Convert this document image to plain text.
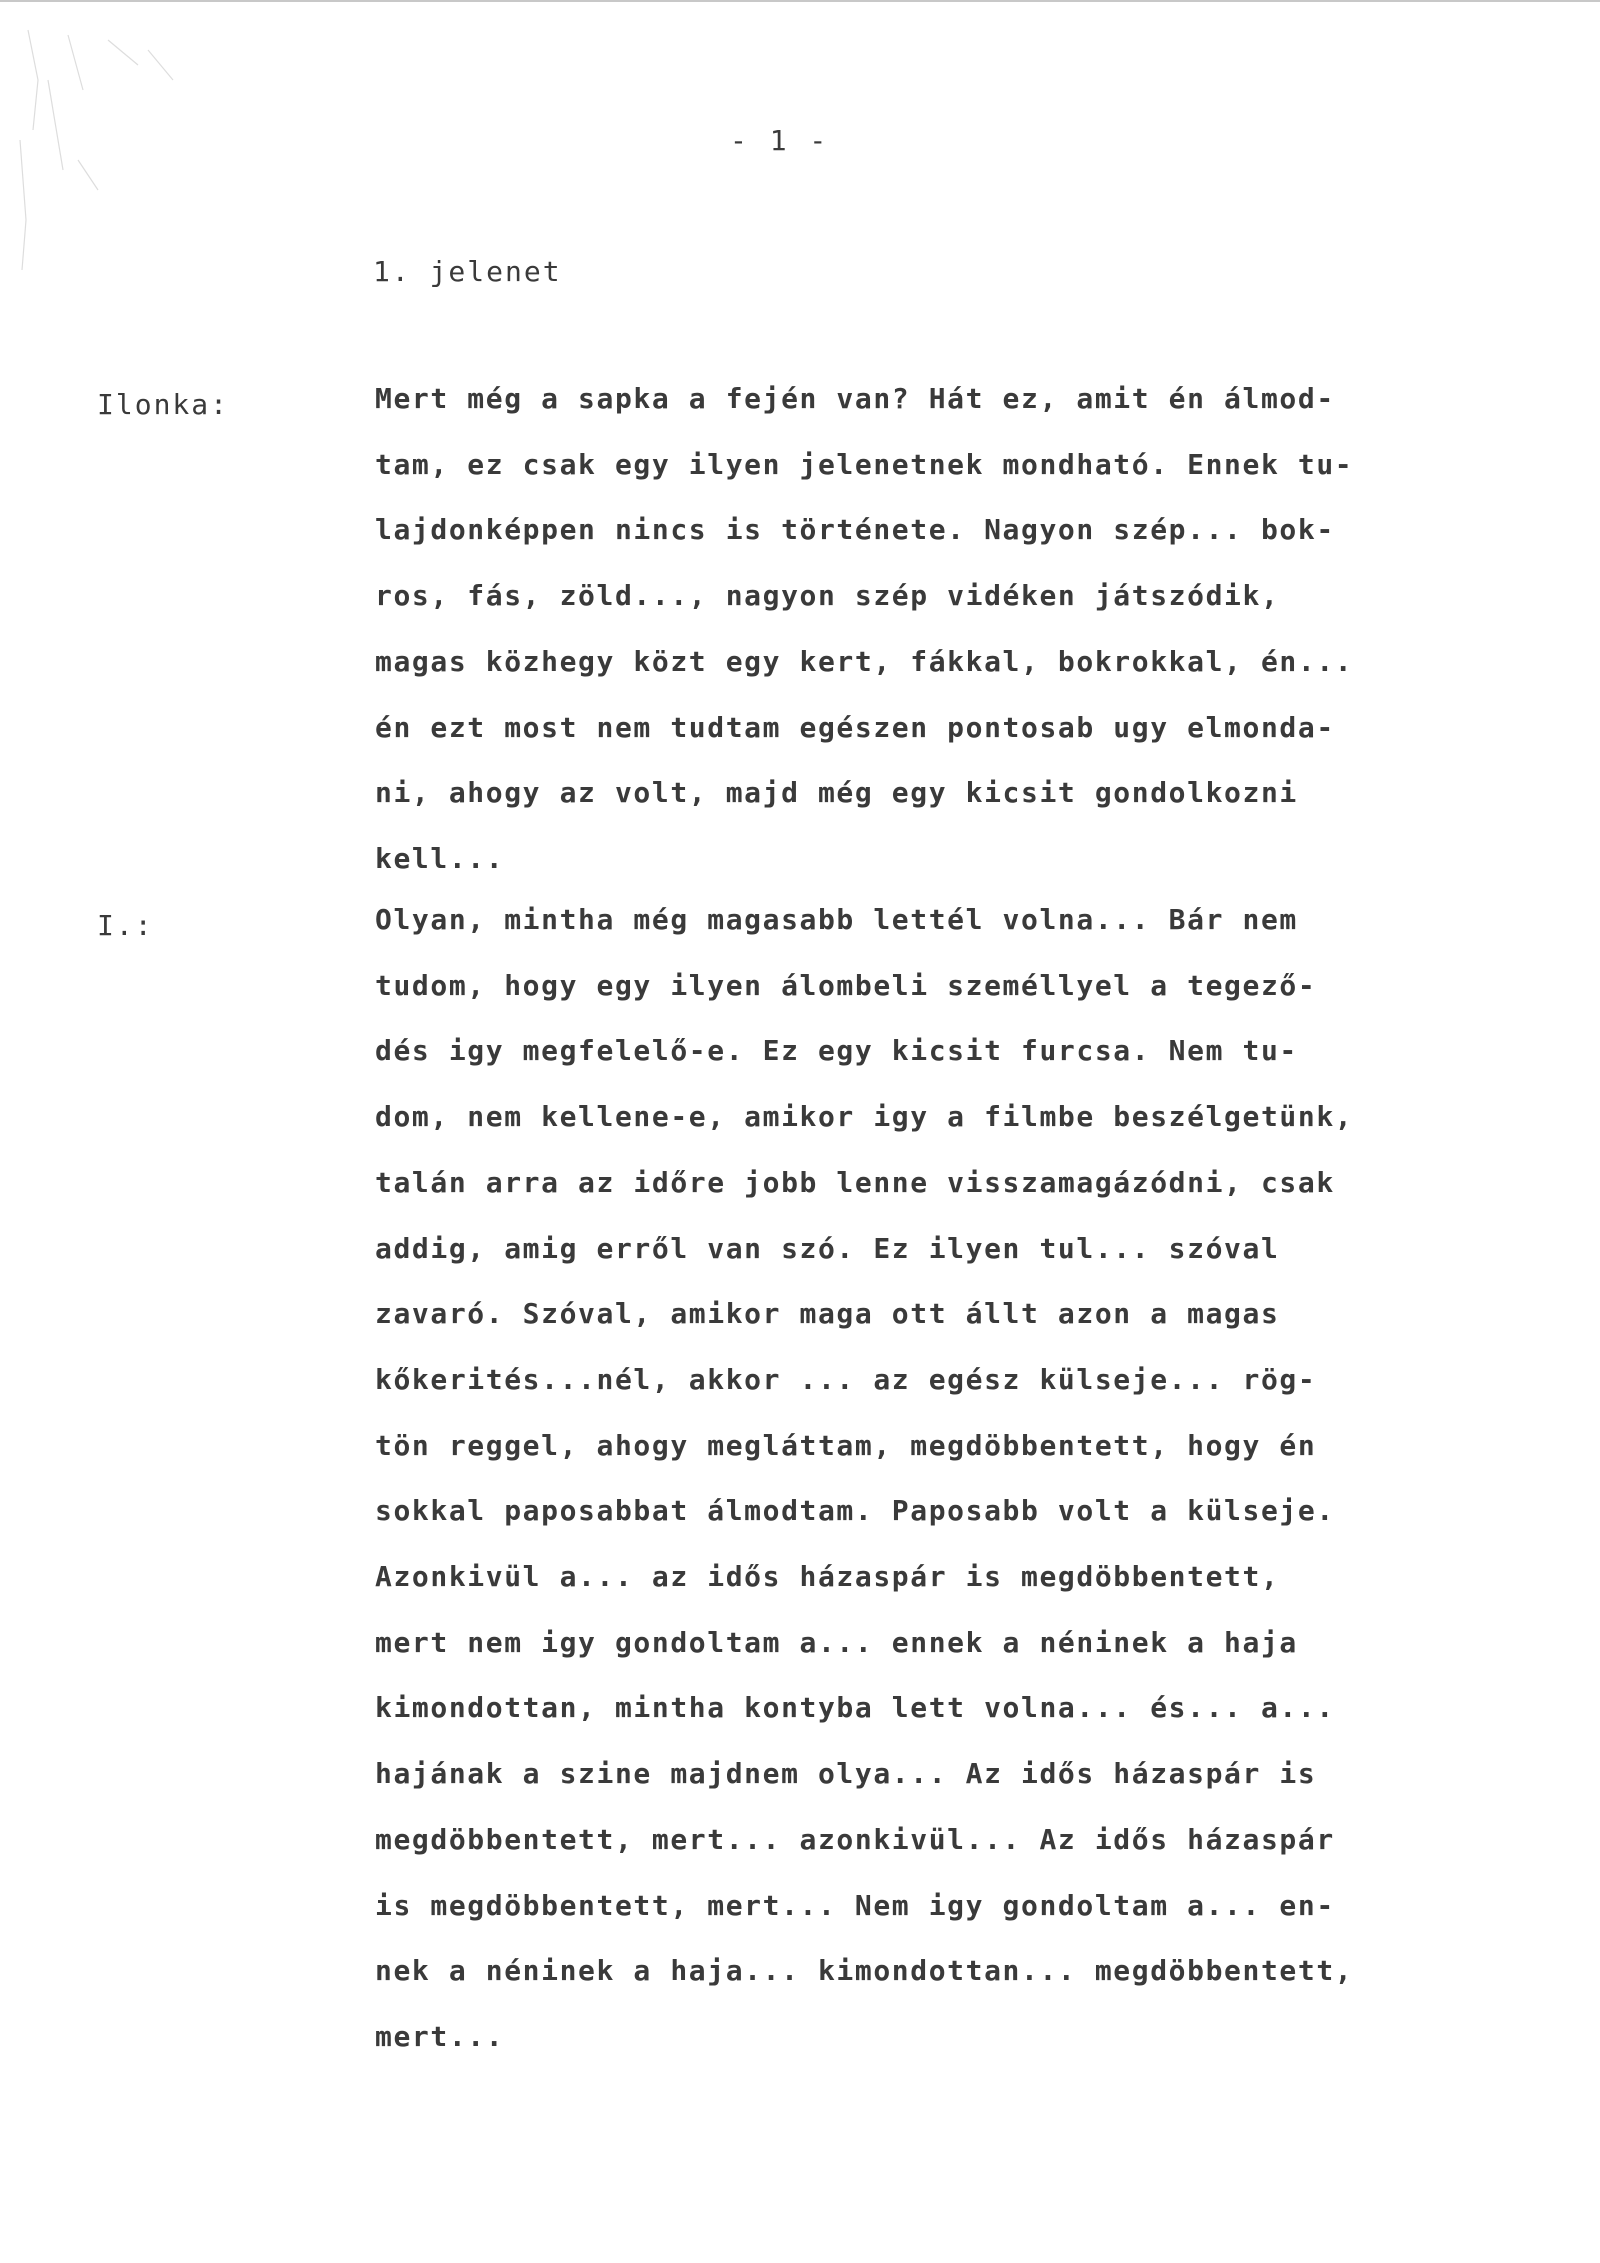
- 1 -
1. jelenet
Ilonka:	Mert még a sapka a fején van? Hát ez, amit én álmod-
tam, ez csak egy ilyen jelenetnek mondható. Ennek tu-
lajdonképpen nincs is története. Nagyon szép... bok-
ros, fás, zöld..., nagyon szép vidéken játszódik,
magas közhegy közt egy kert, fákkal, bokrokkal, én...
én ezt most nem tudtam egészen pontosab ugy elmonda-
ni, ahogy az volt, majd még egy kicsit gondolkozni
kell...
I.:	Olyan, mintha még magasabb lettél volna... Bár nem
tudom, hogy egy ilyen álombeli személlyel a tegező-
dés igy megfelelő-e. Ez egy kicsit furcsa. Nem tu-
dom, nem kellene-e, amikor igy a filmbe beszélgetünk,
talán arra az időre jobb lenne visszamagázódni, csak
addig, amig erről van szó. Ez ilyen tul... szóval
zavaró. Szóval, amikor maga ott állt azon a magas
kőkerités...nél, akkor ... az egész külseje... rög-
tön reggel, ahogy megláttam, megdöbbentett, hogy én
sokkal paposabbat álmodtam. Paposabb volt a külseje.
Azonkivül a... az idős házaspár is megdöbbentett,
mert nem igy gondoltam a... ennek a néninek a haja
kimondottan, mintha kontyba lett volna... és... a...
hajának a szine majdnem olya... Az idős házaspár is
megdöbbentett, mert... azonkivül... Az idős házaspár
is megdöbbentett, mert... Nem igy gondoltam a... en-
nek a néninek a haja... kimondottan... megdöbbentett,
mert...
